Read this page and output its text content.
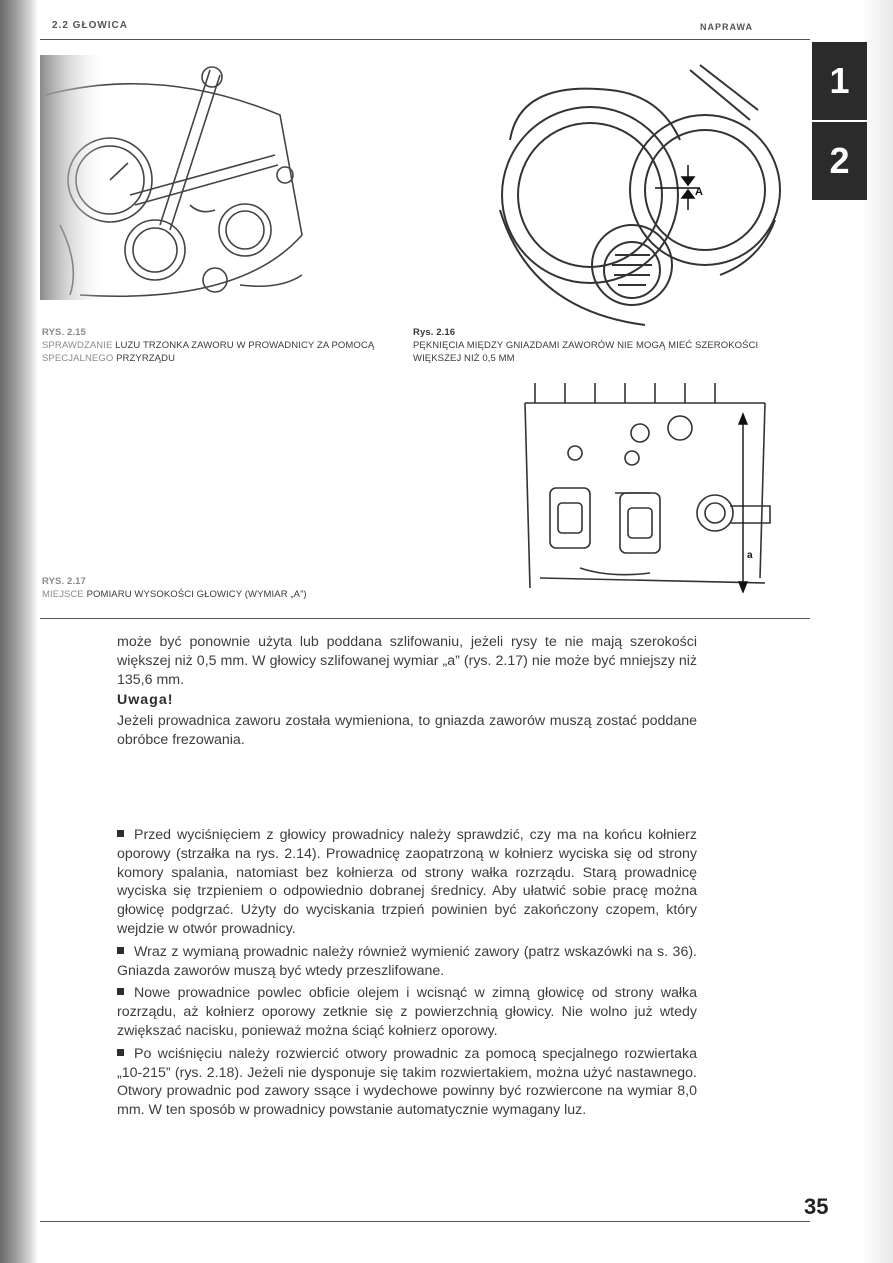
2.2 GŁOWICA	NAPRAWA
1
2
A
a
RYS. 2.15
SPRAWDZANIE LUZU TRZONKA ZAWORU W PROWADNICY ZA POMOCĄ
SPECJALNEGO PRZYRZĄDU
Rys. 2.16
PĘKNIĘCIA MIĘDZY GNIAZDAMI ZAWORÓW NIE MOGĄ MIEĆ SZEROKOŚCI
WIĘKSZEJ NIŻ 0,5 MM
RYS. 2.17
MIEJSCE POMIARU WYSOKOŚCI GŁOWICY (WYMIAR „A”)

może być ponownie użyta lub poddana szlifowaniu, jeżeli rysy te nie mają szerokości większej niż 0,5 mm. W głowicy szlifowanej wymiar „a” (rys. 2.17) nie może być mniejszy niż 135,6 mm.

Uwaga!

Jeżeli prowadnica zaworu została wymieniona, to gniazda zaworów muszą zostać poddane obróbce frezowania.

Przed wyciśnięciem z głowicy prowadnicy należy sprawdzić, czy ma na końcu kołnierz oporowy (strzałka na rys. 2.14). Prowadnicę zaopatrzoną w kołnierz wyciska się od strony komory spalania, natomiast bez kołnierza od strony wałka rozrządu. Starą prowadnicę wyciska się trzpieniem o odpowiednio dobranej średnicy. Aby ułatwić sobie pracę można głowicę podgrzać. Użyty do wyciskania trzpień powinien być zakończony czopem, który wejdzie w otwór prowadnicy.

Wraz z wymianą prowadnic należy również wymienić zawory (patrz wskazówki na s. 36). Gniazda zaworów muszą być wtedy przeszlifowane.

Nowe prowadnice powlec obficie olejem i wcisnąć w zimną głowicę od strony wałka rozrządu, aż kołnierz oporowy zetknie się z powierzchnią głowicy. Nie wolno już wtedy zwiększać nacisku, ponieważ można ściąć kołnierz oporowy.

Po wciśnięciu należy rozwiercić otwory prowadnic za pomocą specjalnego rozwiertaka „10-215” (rys. 2.18). Jeżeli nie dysponuje się takim rozwiertakiem, można użyć nastawnego. Otwory prowadnic pod zawory ssące i wydechowe powinny być rozwiercone na wymiar 8,0 mm. W ten sposób w prowadnicy powstanie automatycznie wymagany luz.

35
